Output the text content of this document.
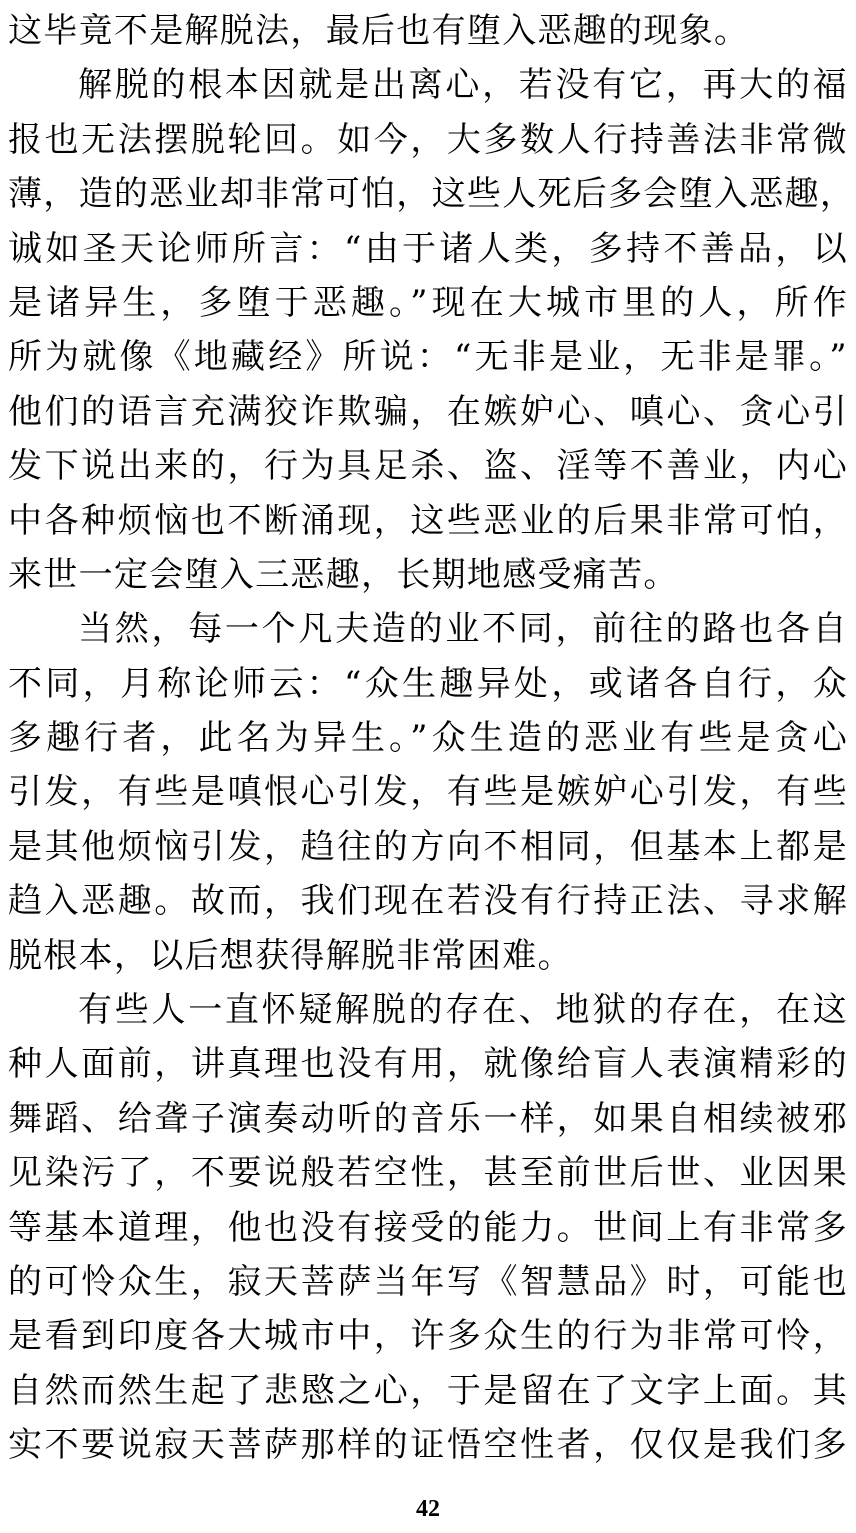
这毕竟不是解脱法，最后也有堕入恶趣的现象。
解脱的根本因就是出离心，若没有它，再大的福
报也无法摆脱轮回。如今，大多数人行持善法非常微
薄，造的恶业却非常可怕，这些人死后多会堕入恶趣，
诚如圣天论师所言：“由于诸人类，多持不善品，以
是诸异生，多堕于恶趣。”现在大城市里的人，所作
所为就像《地藏经》所说：“无非是业，无非是罪。”
他们的语言充满狡诈欺骗，在嫉妒心、嗔心、贪心引
发下说出来的，行为具足杀、盗、淫等不善业，内心
中各种烦恼也不断涌现，这些恶业的后果非常可怕，
来世一定会堕入三恶趣，长期地感受痛苦。
当然，每一个凡夫造的业不同，前往的路也各自
不同，月称论师云：“众生趣异处，或诸各自行，众
多趣行者，此名为异生。”众生造的恶业有些是贪心
引发，有些是嗔恨心引发，有些是嫉妒心引发，有些
是其他烦恼引发，趋往的方向不相同，但基本上都是
趋入恶趣。故而，我们现在若没有行持正法、寻求解
脱根本，以后想获得解脱非常困难。
有些人一直怀疑解脱的存在、地狱的存在，在这
种人面前，讲真理也没有用，就像给盲人表演精彩的
舞蹈、给聋子演奏动听的音乐一样，如果自相续被邪
见染污了，不要说般若空性，甚至前世后世、业因果
等基本道理，他也没有接受的能力。世间上有非常多
的可怜众生，寂天菩萨当年写《智慧品》时，可能也
是看到印度各大城市中，许多众生的行为非常可怜，
自然而然生起了悲愍之心，于是留在了文字上面。其
实不要说寂天菩萨那样的证悟空性者，仅仅是我们多
42
